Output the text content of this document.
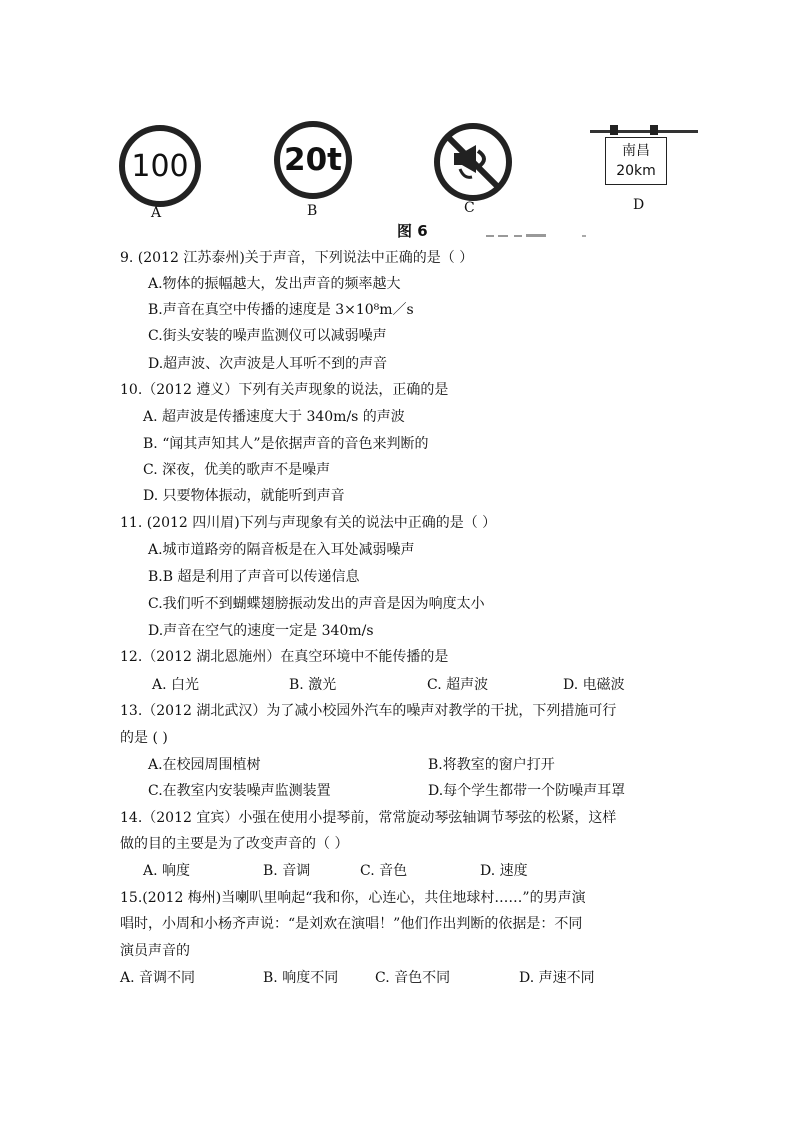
100	20t	南昌
20km
A	B	C	D
图 6
9. (2012 江苏泰州)关于声音，下列说法中正确的是（ ）
A.物体的振幅越大，发出声音的频率越大
B.声音在真空中传播的速度是 3×10⁸m／s
C.街头安装的噪声监测仪可以减弱噪声
D.超声波、次声波是人耳听不到的声音
10.（2012 遵义）下列有关声现象的说法，正确的是
A. 超声波是传播速度大于 340m/s 的声波
B. “闻其声知其人”是依据声音的音色来判断的
C. 深夜，优美的歌声不是噪声
D. 只要物体振动，就能听到声音
11. (2012 四川眉)下列与声现象有关的说法中正确的是（ ）
A.城市道路旁的隔音板是在入耳处减弱噪声
B.B 超是利用了声音可以传递信息
C.我们听不到蝴蝶翅膀振动发出的声音是因为响度太小
D.声音在空气的速度一定是 340m/s
12.（2012 湖北恩施州）在真空环境中不能传播的是
A. 白光	B. 激光	C. 超声波	D. 电磁波
13.（2012 湖北武汉）为了减小校园外汽车的噪声对教学的干扰，下列措施可行
的是 ( )
A.在校园周围植树	B.将教室的窗户打开
C.在教室内安装噪声监测装置	D.每个学生都带一个防噪声耳罩
14.（2012 宜宾）小强在使用小提琴前，常常旋动琴弦轴调节琴弦的松紧，这样
做的目的主要是为了改变声音的（ ）
A. 响度	B. 音调	C. 音色	D. 速度
15.(2012 梅州)当喇叭里响起“我和你，心连心，共住地球村……”的男声演
唱时，小周和小杨齐声说：“是刘欢在演唱！”他们作出判断的依据是：不同
演员声音的
A. 音调不同	B. 响度不同	C. 音色不同	D. 声速不同
